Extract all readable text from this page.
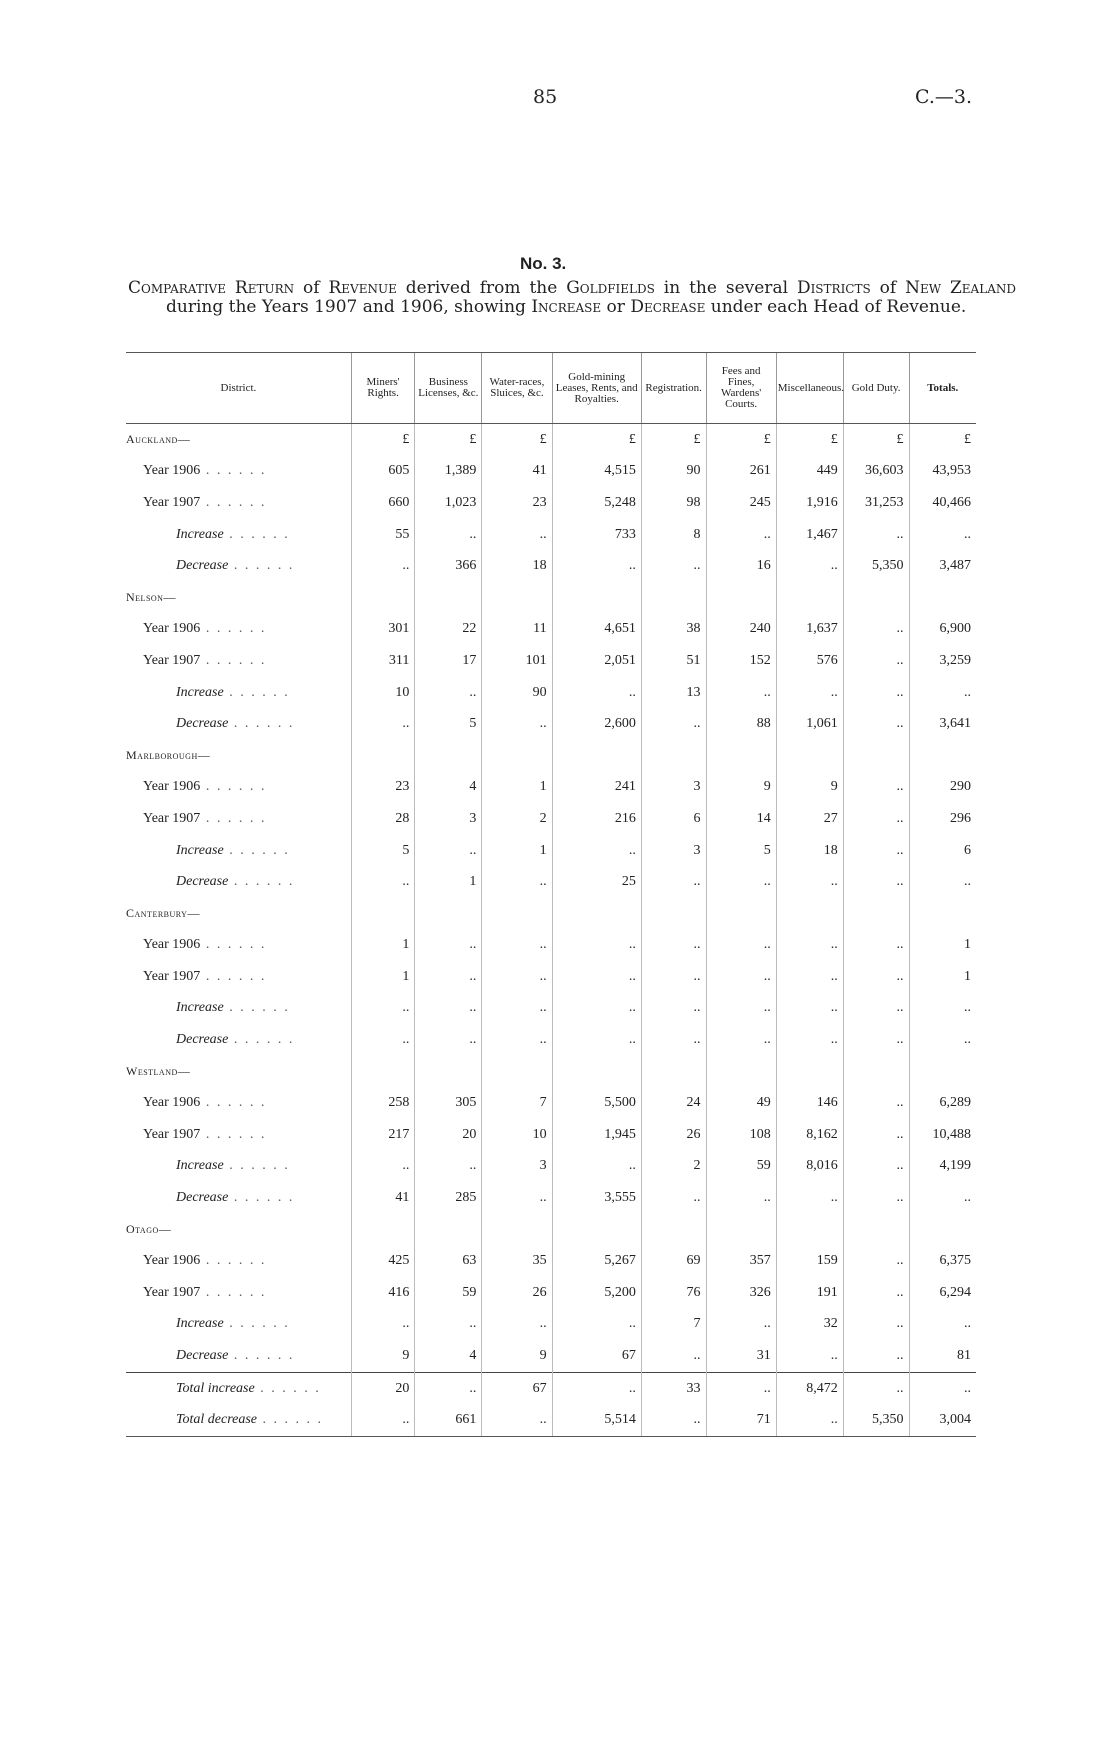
85	C.—3.
No. 3.
Comparative Return of Revenue derived from the Goldfields in the several Districts of New Zealand during the Years 1907 and 1906, showing Increase or Decrease under each Head of Revenue.
District.	Miners' Rights.	Business Licenses, &c.	Water-races, Sluices, &c.	Gold-mining Leases, Rents, and Royalties.	Registration.	Fees and Fines, Wardens' Courts.	Miscellaneous.	Gold Duty.	Totals.
Auckland—	£	£	£	£	£	£	£	£	£
Year 1906 . . . . . .	605	1,389	41	4,515	90	261	449	36,603	43,953
Year 1907 . . . . . .	660	1,023	23	5,248	98	245	1,916	31,253	40,466
Increase . . . . . .	55	..	..	733	8	..	1,467	..	..
Decrease . . . . . .	..	366	18	..	..	16	..	5,350	3,487
Nelson—									
Year 1906 . . . . . .	301	22	11	4,651	38	240	1,637	..	6,900
Year 1907 . . . . . .	311	17	101	2,051	51	152	576	..	3,259
Increase . . . . . .	10	..	90	..	13	..	..	..	..
Decrease . . . . . .	..	5	..	2,600	..	88	1,061	..	3,641
Marlborough—									
Year 1906 . . . . . .	23	4	1	241	3	9	9	..	290
Year 1907 . . . . . .	28	3	2	216	6	14	27	..	296
Increase . . . . . .	5	..	1	..	3	5	18	..	6
Decrease . . . . . .	..	1	..	25	..	..	..	..	..
Canterbury—									
Year 1906 . . . . . .	1	..	..	..	..	..	..	..	1
Year 1907 . . . . . .	1	..	..	..	..	..	..	..	1
Increase . . . . . .	..	..	..	..	..	..	..	..	..
Decrease . . . . . .	..	..	..	..	..	..	..	..	..
Westland—									
Year 1906 . . . . . .	258	305	7	5,500	24	49	146	..	6,289
Year 1907 . . . . . .	217	20	10	1,945	26	108	8,162	..	10,488
Increase . . . . . .	..	..	3	..	2	59	8,016	..	4,199
Decrease . . . . . .	41	285	..	3,555	..	..	..	..	..
Otago—									
Year 1906 . . . . . .	425	63	35	5,267	69	357	159	..	6,375
Year 1907 . . . . . .	416	59	26	5,200	76	326	191	..	6,294
Increase . . . . . .	..	..	..	..	7	..	32	..	..
Decrease . . . . . .	9	4	9	67	..	31	..	..	81
Total increase . . . . . .	20	..	67	..	33	..	8,472	..	..
Total decrease . . . . . .	..	661	..	5,514	..	71	..	5,350	3,004
